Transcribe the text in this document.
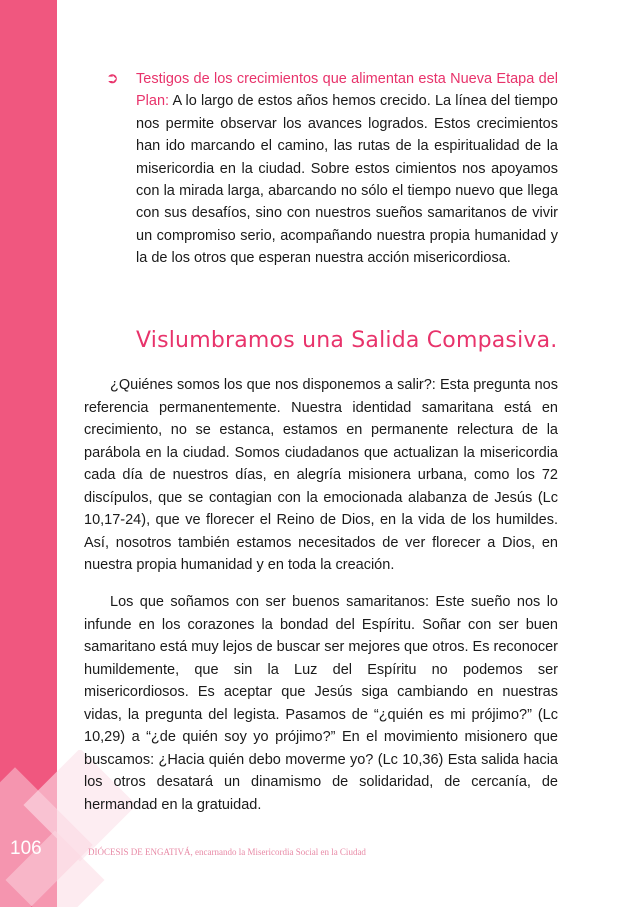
➲ Testigos de los crecimientos que alimentan esta Nueva Etapa del Plan: A lo largo de estos años hemos crecido. La línea del tiempo nos permite observar los avances logrados. Estos crecimientos han ido marcando el camino, las rutas de la espiritualidad de la misericordia en la ciudad. Sobre estos cimientos nos apoyamos con la mirada larga, abarcando no sólo el tiempo nuevo que llega con sus desafíos, sino con nuestros sueños samaritanos de vivir un compromiso serio, acompañando nuestra propia humanidad y la de los otros que esperan nuestra acción misericordiosa.

Vislumbramos una Salida Compasiva.

¿Quiénes somos los que nos disponemos a salir?: Esta pregunta nos referencia permanentemente. Nuestra identidad samaritana está en crecimiento, no se estanca, estamos en permanente relectura de la parábola en la ciudad. Somos ciudadanos que actualizan la misericordia cada día de nuestros días, en alegría misionera urbana, como los 72 discípulos, que se contagian con la emocionada alabanza de Jesús (Lc 10,17-24), que ve florecer el Reino de Dios, en la vida de los humildes. Así, nosotros también estamos necesitados de ver florecer a Dios, en nuestra propia humanidad y en toda la creación.

Los que soñamos con ser buenos samaritanos: Este sueño nos lo infunde en los corazones la bondad del Espíritu. Soñar con ser buen samaritano está muy lejos de buscar ser mejores que otros. Es reconocer humildemente, que sin la Luz del Espíritu no podemos ser misericordiosos. Es aceptar que Jesús siga cambiando en nuestras vidas, la pregunta del legista. Pasamos de “¿quién es mi prójimo?” (Lc 10,29) a “¿de quién soy yo prójimo?” En el movimiento misionero que buscamos: ¿Hacia quién debo moverme yo? (Lc 10,36) Esta salida hacia los otros desatará un dinamismo de solidaridad, de cercanía, de hermandad en la gratuidad.

106	DIÓCESIS DE ENGATIVÁ, encarnando la Misericordia Social en la Ciudad
